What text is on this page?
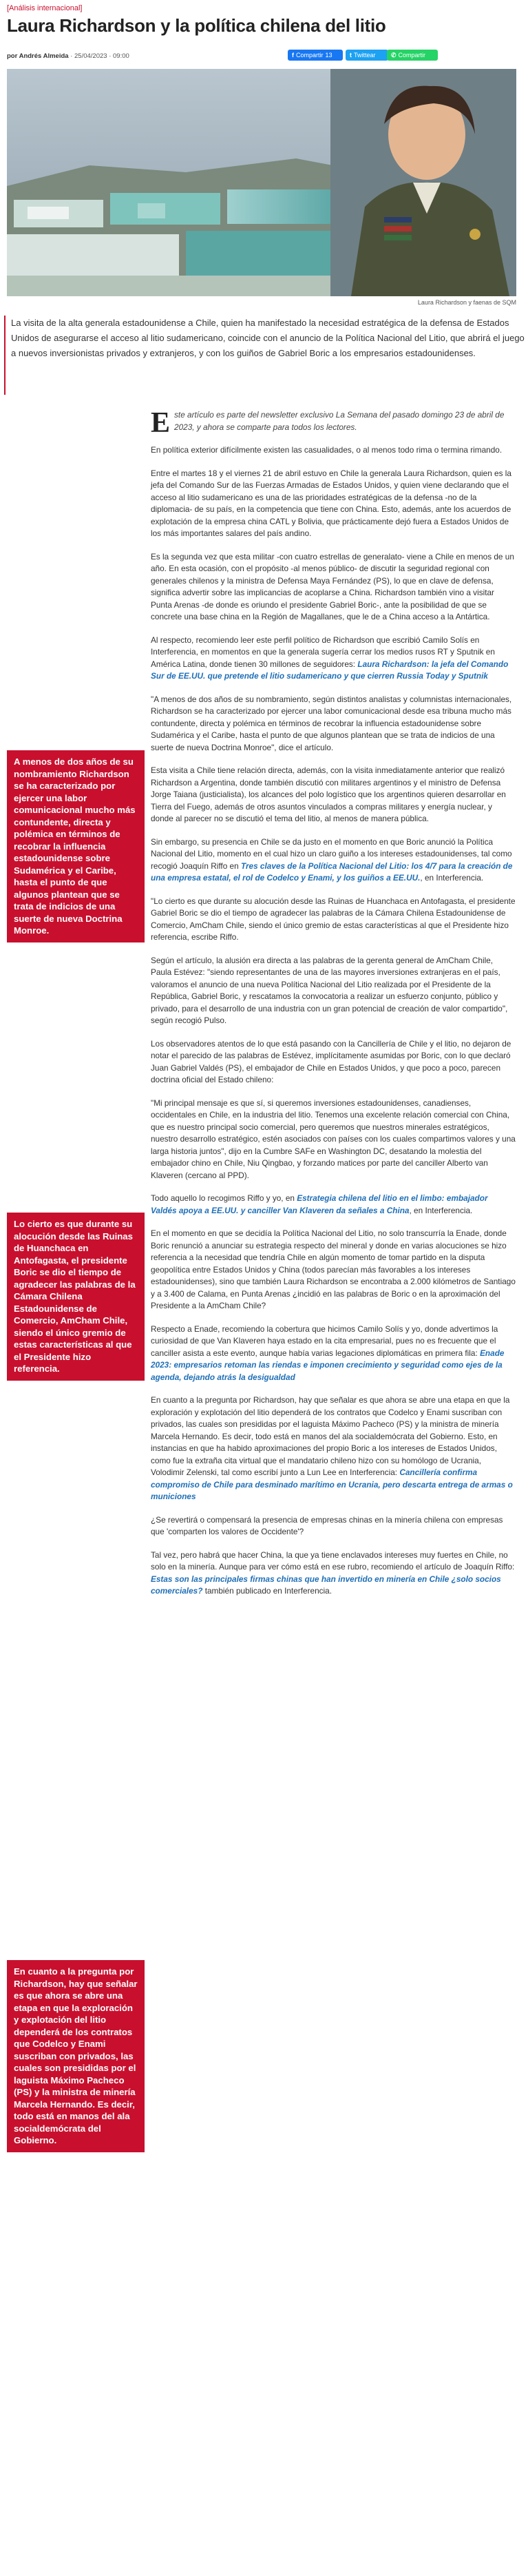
[Análisis internacional]
Laura Richardson y la política chilena del litio
por Andrés Almeida · 25/04/2023 · 09:00	f Compartir 13	t Twittear ✆ Compartir
Laura Richardson y faenas de SQM
La visita de la alta generala estadounidense a Chile, quien ha manifestado la necesidad estratégica de la defensa de Estados Unidos de asegurarse el acceso al litio sudamericano, coincide con el anuncio de la Política Nacional del Litio, que abrirá el juego a nuevos inversionistas privados y extranjeros, y con los guiños de Gabriel Boric a los empresarios estadounidenses.
A menos de dos años de su nombramiento Richardson se ha caracterizado por ejercer una labor comunicacional mucho más contundente, directa y polémica en términos de recobrar la influencia estadounidense sobre Sudamérica y el Caribe, hasta el punto de que algunos plantean que se trata de indicios de una suerte de nueva Doctrina Monroe.
Lo cierto es que durante su alocución desde las Ruinas de Huanchaca en Antofagasta, el presidente Boric se dio el tiempo de agradecer las palabras de la Cámara Chilena Estadounidense de Comercio, AmCham Chile, siendo el único gremio de estas características al que el Presidente hizo referencia.
En cuanto a la pregunta por Richardson, hay que señalar es que ahora se abre una etapa en que la exploración y explotación del litio dependerá de los contratos que Codelco y Enami suscriban con privados, las cuales son presididas por el laguista Máximo Pacheco (PS) y la ministra de minería Marcela Hernando. Es decir, todo está en manos del ala socialdemócrata del Gobierno.

Este artículo es parte del newsletter exclusivo La Semana del pasado domingo 23 de abril de 2023, y ahora se comparte para todos los lectores.

En política exterior difícilmente existen las casualidades, o al menos todo rima o termina rimando.

Entre el martes 18 y el viernes 21 de abril estuvo en Chile la generala Laura Richardson, quien es la jefa del Comando Sur de las Fuerzas Armadas de Estados Unidos, y quien viene declarando que el acceso al litio sudamericano es una de las prioridades estratégicas de la defensa -no de la diplomacia- de su país, en la competencia que tiene con China. Esto, además, ante los acuerdos de explotación de la empresa china CATL y Bolivia, que prácticamente dejó fuera a Estados Unidos de los más importantes salares del país andino.

Es la segunda vez que esta militar -con cuatro estrellas de generalato- viene a Chile en menos de un año. En esta ocasión, con el propósito -al menos público- de discutir la seguridad regional con generales chilenos y la ministra de Defensa Maya Fernández (PS), lo que en clave de defensa, significa advertir sobre las implicancias de acoplarse a China. Richardson también vino a visitar Punta Arenas -de donde es oriundo el presidente Gabriel Boric-, ante la posibilidad de que se concrete una base china en la Región de Magallanes, que le de a China acceso a la Antártica.

Al respecto, recomiendo leer este perfil político de Richardson que escribió Camilo Solís en Interferencia, en momentos en que la generala sugería cerrar los medios rusos RT y Sputnik en América Latina, donde tienen 30 millones de seguidores: Laura Richardson: la jefa del Comando Sur de EE.UU. que pretende el litio sudamericano y que cierren Russia Today y Sputnik

"A menos de dos años de su nombramiento, según distintos analistas y columnistas internacionales, Richardson se ha caracterizado por ejercer una labor comunicacional desde esa tribuna mucho más contundente, directa y polémica en términos de recobrar la influencia estadounidense sobre Sudamérica y el Caribe, hasta el punto de que algunos plantean que se trata de indicios de una suerte de nueva Doctrina Monroe", dice el artículo.

Esta visita a Chile tiene relación directa, además, con la visita inmediatamente anterior que realizó Richardson a Argentina, donde también discutió con militares argentinos y el ministro de Defensa Jorge Taiana (justicialista), los alcances del polo logístico que los argentinos quieren desarrollar en Tierra del Fuego, además de otros asuntos vinculados a compras militares y energía nuclear, y donde al parecer no se discutió el tema del litio, al menos de manera pública.

Sin embargo, su presencia en Chile se da justo en el momento en que Boric anunció la Política Nacional del Litio, momento en el cual hizo un claro guiño a los intereses estadounidenses, tal como recogió Joaquín Riffo en Tres claves de la Política Nacional del Litio: los 4/7 para la creación de una empresa estatal, el rol de Codelco y Enami, y los guiños a EE.UU., en Interferencia.

"Lo cierto es que durante su alocución desde las Ruinas de Huanchaca en Antofagasta, el presidente Gabriel Boric se dio el tiempo de agradecer las palabras de la Cámara Chilena Estadounidense de Comercio, AmCham Chile, siendo el único gremio de estas características al que el Presidente hizo referencia, escribe Riffo.

Según el artículo, la alusión era directa a las palabras de la gerenta general de AmCham Chile, Paula Estévez: "siendo representantes de una de las mayores inversiones extranjeras en el país, valoramos el anuncio de una nueva Política Nacional del Litio realizada por el Presidente de la República, Gabriel Boric, y rescatamos la convocatoria a realizar un esfuerzo conjunto, público y privado, para el desarrollo de una industria con un gran potencial de creación de valor compartido", según recogió Pulso.

Los observadores atentos de lo que está pasando con la Cancillería de Chile y el litio, no dejaron de notar el parecido de las palabras de Estévez, implícitamente asumidas por Boric, con lo que declaró Juan Gabriel Valdés (PS), el embajador de Chile en Estados Unidos, y que poco a poco, parecen doctrina oficial del Estado chileno:

"Mi principal mensaje es que sí, si queremos inversiones estadounidenses, canadienses, occidentales en Chile, en la industria del litio. Tenemos una excelente relación comercial con China, que es nuestro principal socio comercial, pero queremos que nuestros minerales estratégicos, nuestro desarrollo estratégico, estén asociados con países con los cuales compartimos valores y una larga historia juntos", dijo en la Cumbre SAFe en Washington DC, desatando la molestia del embajador chino en Chile, Niu Qingbao, y forzando matices por parte del canciller Alberto van Klaveren (cercano al PPD).

Todo aquello lo recogimos Riffo y yo, en Estrategia chilena del litio en el limbo: embajador Valdés apoya a EE.UU. y canciller Van Klaveren da señales a China, en Interferencia.

En el momento en que se decidía la Política Nacional del Litio, no solo transcurría la Enade, donde Boric renunció a anunciar su estrategia respecto del mineral y donde en varias alocuciones se hizo referencia a la necesidad que tendría Chile en algún momento de tomar partido en la disputa geopolítica entre Estados Unidos y China (todos parecían más favorables a los intereses estadounidenses), sino que también Laura Richardson se encontraba a 2.000 kilómetros de Santiago y a 3.400 de Calama, en Punta Arenas ¿incidió en las palabras de Boric o en la aproximación del Presidente a la AmCham Chile?

Respecto a Enade, recomiendo la cobertura que hicimos Camilo Solís y yo, donde advertimos la curiosidad de que Van Klaveren haya estado en la cita empresarial, pues no es frecuente que el canciller asista a este evento, aunque había varias legaciones diplomáticas en primera fila: Enade 2023: empresarios retoman las riendas e imponen crecimiento y seguridad como ejes de la agenda, dejando atrás la desigualdad

En cuanto a la pregunta por Richardson, hay que señalar es que ahora se abre una etapa en que la exploración y explotación del litio dependerá de los contratos que Codelco y Enami suscriban con privados, las cuales son presididas por el laguista Máximo Pacheco (PS) y la ministra de minería Marcela Hernando. Es decir, todo está en manos del ala socialdemócrata del Gobierno. Esto, en instancias en que ha habido aproximaciones del propio Boric a los intereses de Estados Unidos, como fue la extraña cita virtual que el mandatario chileno hizo con su homólogo de Ucrania, Volodimir Zelenski, tal como escribí junto a Lun Lee en Interferencia: Cancillería confirma compromiso de Chile para desminado marítimo en Ucrania, pero descarta entrega de armas o municiones

¿Se revertirá o compensará la presencia de empresas chinas en la minería chilena con empresas que 'comparten los valores de Occidente'?

Tal vez, pero habrá que hacer China, la que ya tiene enclavados intereses muy fuertes en Chile, no solo en la minería. Aunque para ver cómo está en ese rubro, recomiendo el artículo de Joaquín Riffo: Estas son las principales firmas chinas que han invertido en minería en Chile ¿solo socios comerciales? también publicado en Interferencia.
